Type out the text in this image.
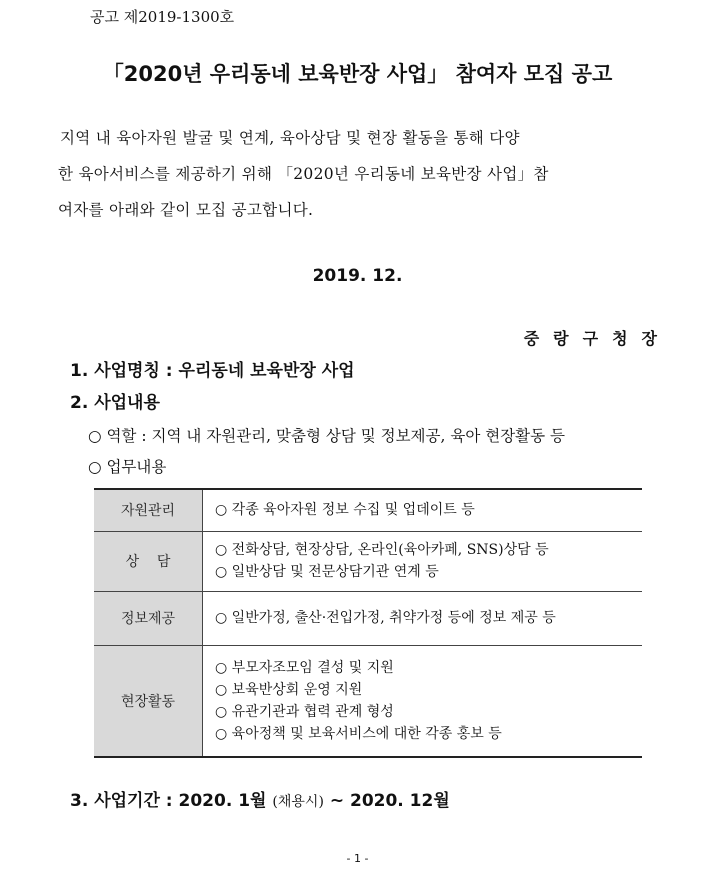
공고 제2019-1300호
「2020년 우리동네 보육반장 사업」 참여자 모집 공고
지역 내 육아자원 발굴 및 연계, 육아상담 및 현장 활동을 통해 다양
한 육아서비스를 제공하기 위해 「2020년 우리동네 보육반장 사업」참
여자를 아래와 같이 모집 공고합니다.
2019. 12.
중랑구청장
1. 사업명칭 : 우리동네 보육반장 사업
2. 사업내용
○ 역할 : 지역 내 자원관리, 맞춤형 상담 및 정보제공, 육아 현장활동 등
○ 업무내용
자원관리	○ 각종 육아자원 정보 수집 및 업데이트 등

상    담	○ 전화상담, 현장상담, 온라인(육아카페, SNS)상담 등
○ 일반상담 및 전문상담기관 연계 등

정보제공	○ 일반가정, 출산·전입가정, 취약가정 등에 정보 제공 등

현장활동	○ 부모자조모임 결성 및 지원
○ 보육반상회 운영 지원
○ 유관기관과 협력 관계 형성
○ 육아정책 및 보육서비스에 대한 각종 홍보 등
3. 사업기간 : 2020. 1월 (채용시) ~ 2020. 12월
- 1 -
